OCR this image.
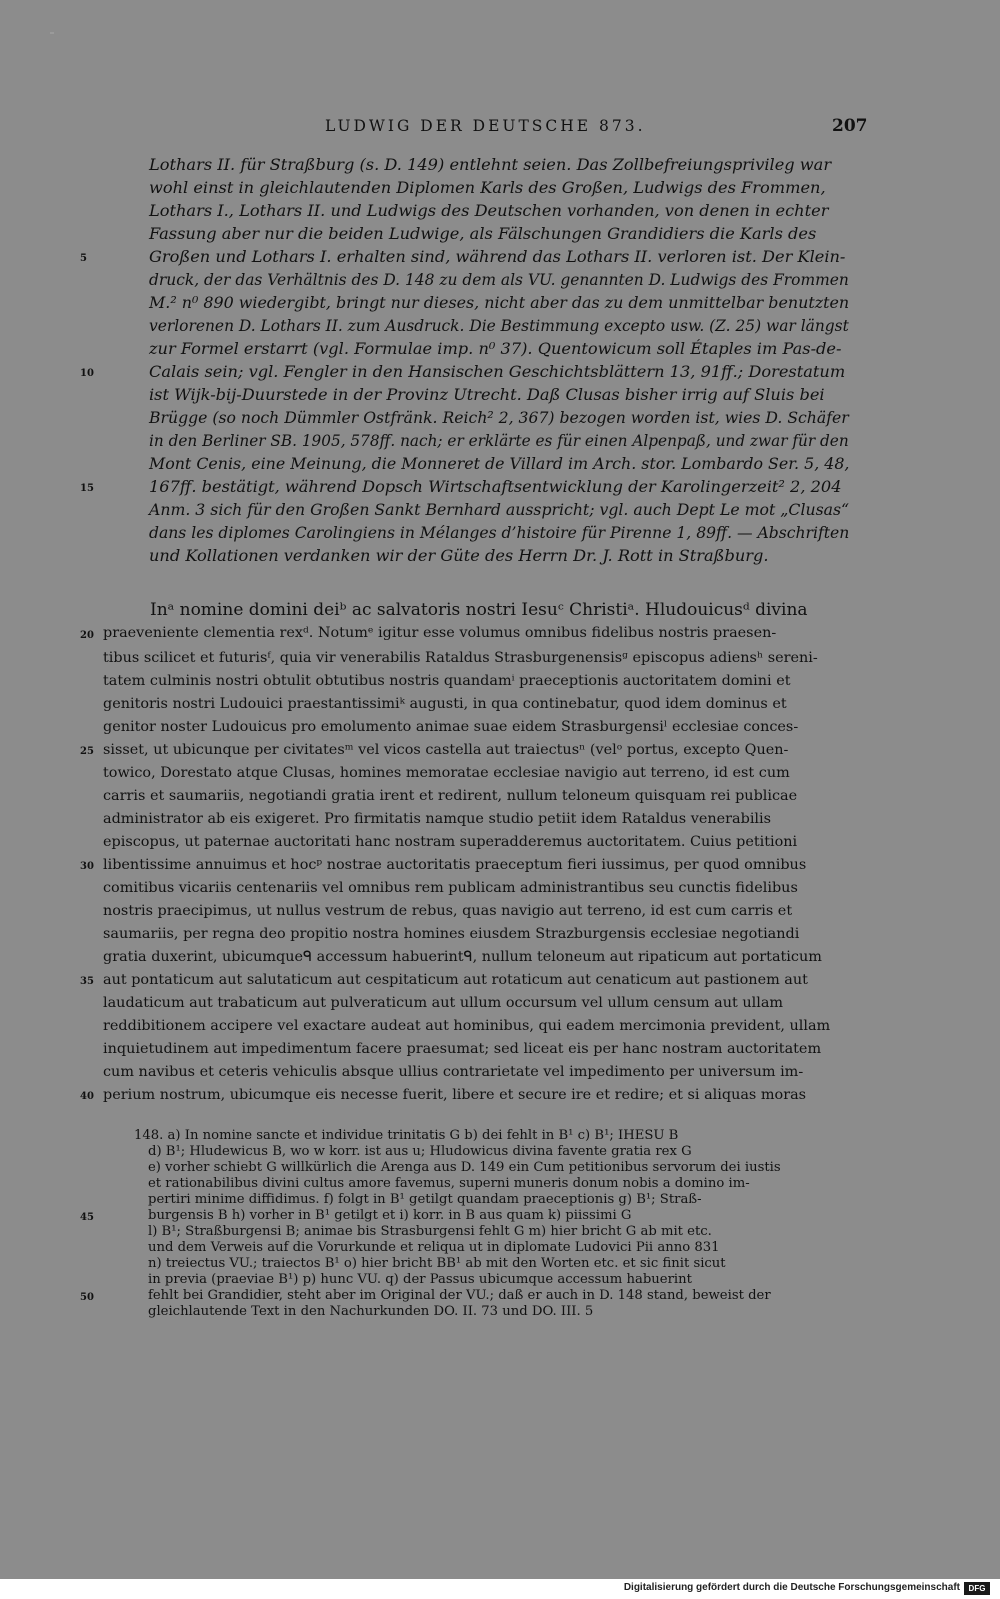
LUDWIG DER DEUTSCHE 873.	207
Lothars II. für Straßburg (s. D. 149) entlehnt seien. Das Zollbefreiungsprivileg war
wohl einst in gleichlautenden Diplomen Karls des Großen, Ludwigs des Frommen,
Lothars I., Lothars II. und Ludwigs des Deutschen vorhanden, von denen in echter
Fassung aber nur die beiden Ludwige, als Fälschungen Grandidiers die Karls des
Großen und Lothars I. erhalten sind, während das Lothars II. verloren ist. Der Klein-
druck, der das Verhältnis des D. 148 zu dem als VU. genannten D. Ludwigs des Frommen
M.² n⁰ 890 wiedergibt, bringt nur dieses, nicht aber das zu dem unmittelbar benutzten
verlorenen D. Lothars II. zum Ausdruck. Die Bestimmung excepto usw. (Z. 25) war längst
zur Formel erstarrt (vgl. Formulae imp. n⁰ 37). Quentowicum soll Étaples im Pas-de-
Calais sein; vgl. Fengler in den Hansischen Geschichtsblättern 13, 91ff.; Dorestatum
ist Wijk-bij-Duurstede in der Provinz Utrecht. Daß Clusas bisher irrig auf Sluis bei
Brügge (so noch Dümmler Ostfränk. Reich² 2, 367) bezogen worden ist, wies D. Schäfer
in den Berliner SB. 1905, 578ff. nach; er erklärte es für einen Alpenpaß, und zwar für den
Mont Cenis, eine Meinung, die Monneret de Villard im Arch. stor. Lombardo Ser. 5, 48,
167ff. bestätigt, während Dopsch Wirtschaftsentwicklung der Karolingerzeit² 2, 204
Anm. 3 sich für den Großen Sankt Bernhard ausspricht; vgl. auch Dept Le mot „Clusas“
dans les diplomes Carolingiens in Mélanges d’histoire für Pirenne 1, 89ff. — Abschriften
und Kollationen verdanken wir der Güte des Herrn Dr. J. Rott in Straßburg.
Inᵃ nomine domini deiᵇ ac salvatoris nostri Iesuᶜ Christiᵃ. Hludouicusᵈ divina
praeveniente clementia rexᵈ. Notumᵉ igitur esse volumus omnibus fidelibus nostris praesen-
tibus scilicet et futurisᶠ, quia vir venerabilis Rataldus Strasburgenensisᵍ episcopus adiensʰ sereni-
tatem culminis nostri obtulit obtutibus nostris quandamⁱ praeceptionis auctoritatem domini et
genitoris nostri Ludouici praestantissimiᵏ augusti, in qua continebatur, quod idem dominus et
genitor noster Ludouicus pro emolumento animae suae eidem Strasburgensiˡ ecclesiae conces-
sisset, ut ubicunque per civitatesᵐ vel vicos castella aut traiectusⁿ (velᵒ portus, excepto Quen-
towico, Dorestato atque Clusas, homines memoratae ecclesiae navigio aut terreno, id est cum
carris et saumariis, negotiandi gratia irent et redirent, nullum teloneum quisquam rei publicae
administrator ab eis exigeret. Pro firmitatis namque studio petiit idem Rataldus venerabilis
episcopus, ut paternae auctoritati hanc nostram superadderemus auctoritatem. Cuius petitioni
libentissime annuimus et hocᵖ nostrae auctoritatis praeceptum fieri iussimus, per quod omnibus
comitibus vicariis centenariis vel omnibus rem publicam administrantibus seu cunctis fidelibus
nostris praecipimus, ut nullus vestrum de rebus, quas navigio aut terreno, id est cum carris et
saumariis, per regna deo propitio nostra homines eiusdem Strazburgensis ecclesiae negotiandi
gratia duxerint, ubicumqueᑫ accessum habuerintᑫ, nullum teloneum aut ripaticum aut portaticum
aut pontaticum aut salutaticum aut cespitaticum aut rotaticum aut cenaticum aut pastionem aut
laudaticum aut trabaticum aut pulveraticum aut ullum occursum vel ullum censum aut ullam
reddibitionem accipere vel exactare audeat aut hominibus, qui eadem mercimonia prevident, ullam
inquietudinem aut impedimentum facere praesumat; sed liceat eis per hanc nostram auctoritatem
cum navibus et ceteris vehiculis absque ullius contrarietate vel impedimento per universum im-
perium nostrum, ubicumque eis necesse fuerit, libere et secure ire et redire; et si aliquas moras
148. a) In nomine sancte et individue trinitatis G b) dei fehlt in B¹ c) B¹; IHESU B
d) B¹; Hludewicus B, wo w korr. ist aus u; Hludowicus divina favente gratia rex G
e) vorher schiebt G willkürlich die Arenga aus D. 149 ein Cum petitionibus servorum dei iustis
et rationabilibus divini cultus amore favemus, superni muneris donum nobis a domino im-
pertiri minime diffidimus. f) folgt in B¹ getilgt quandam praeceptionis g) B¹; Straß-
burgensis B h) vorher in B¹ getilgt et i) korr. in B aus quam k) piissimi G
l) B¹; Straßburgensi B; animae bis Strasburgensi fehlt G m) hier bricht G ab mit etc.
und dem Verweis auf die Vorurkunde et reliqua ut in diplomate Ludovici Pii anno 831
n) treiectus VU.; traiectos B¹ o) hier bricht BB¹ ab mit den Worten etc. et sic finit sicut
in previa (praeviae B¹) p) hunc VU. q) der Passus ubicumque accessum habuerint
fehlt bei Grandidier, steht aber im Original der VU.; daß er auch in D. 148 stand, beweist der
gleichlautende Text in den Nachurkunden DO. II. 73 und DO. III. 5
5
10
15
20
25
30
35
40
45
50
Digitalisierung gefördert durch die Deutsche Forschungsgemeinschaft	DFG
